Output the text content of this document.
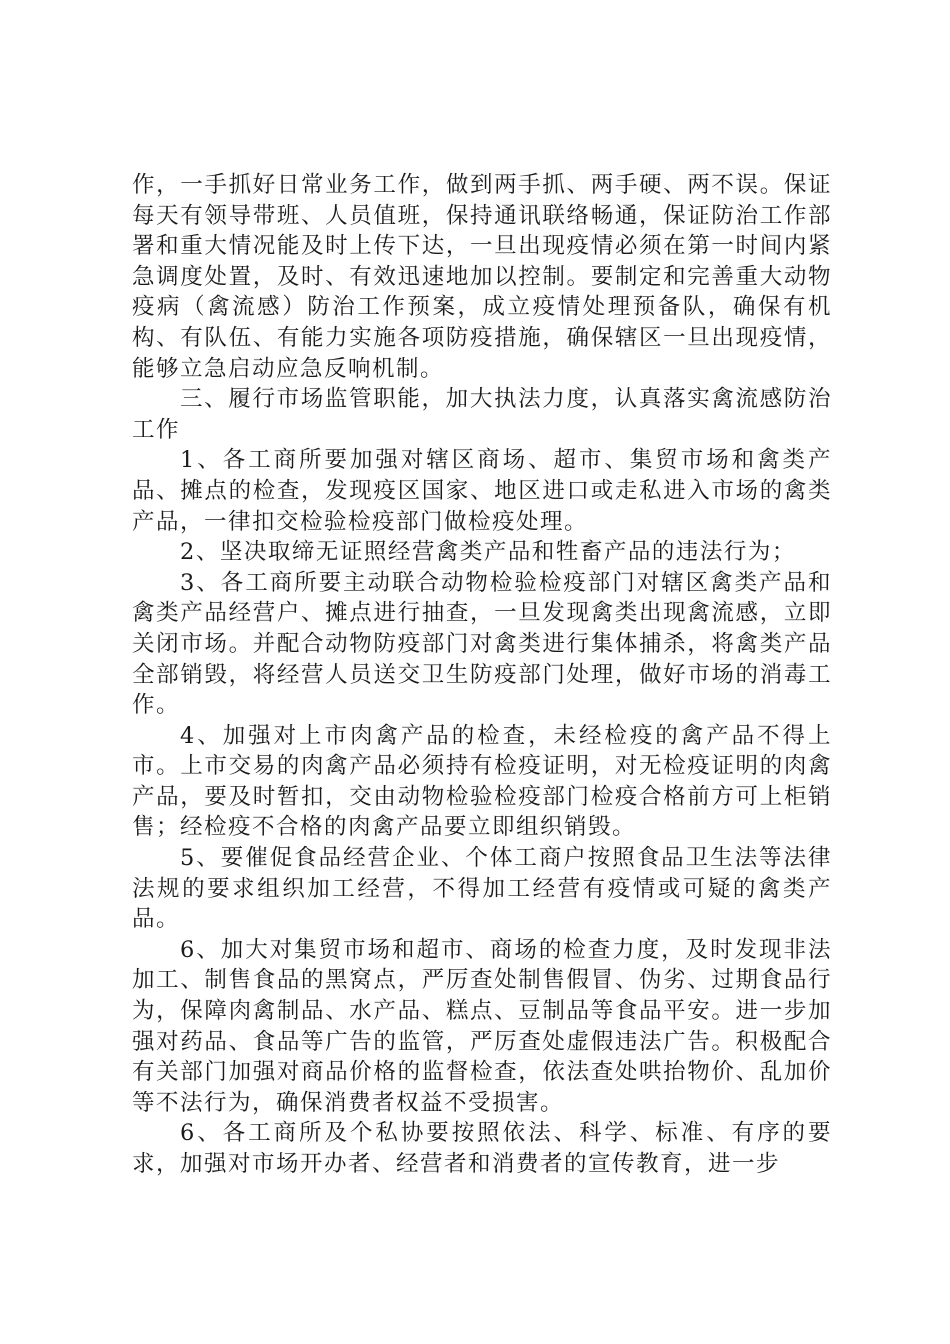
作，一手抓好日常业务工作，做到两手抓、两手硬、两不误。保证每天有领导带班、人员值班，保持通讯联络畅通，保证防治工作部署和重大情况能及时上传下达，一旦出现疫情必须在第一时间内紧急调度处置，及时、有效迅速地加以控制。要制定和完善重大动物疫病（禽流感）防治工作预案，成立疫情处理预备队，确保有机构、有队伍、有能力实施各项防疫措施，确保辖区一旦出现疫情，能够立急启动应急反响机制。

三、履行市场监管职能，加大执法力度，认真落实禽流感防治工作

1、各工商所要加强对辖区商场、超市、集贸市场和禽类产品、摊点的检查，发现疫区国家、地区进口或走私进入市场的禽类产品，一律扣交检验检疫部门做检疫处理。

2、坚决取缔无证照经营禽类产品和牲畜产品的违法行为；

3、各工商所要主动联合动物检验检疫部门对辖区禽类产品和禽类产品经营户、摊点进行抽查，一旦发现禽类出现禽流感，立即关闭市场。并配合动物防疫部门对禽类进行集体捕杀，将禽类产品全部销毁，将经营人员送交卫生防疫部门处理，做好市场的消毒工作。

4、加强对上市肉禽产品的检查，未经检疫的禽产品不得上市。上市交易的肉禽产品必须持有检疫证明，对无检疫证明的肉禽产品，要及时暂扣，交由动物检验检疫部门检疫合格前方可上柜销售；经检疫不合格的肉禽产品要立即组织销毁。

5、要催促食品经营企业、个体工商户按照食品卫生法等法律法规的要求组织加工经营，不得加工经营有疫情或可疑的禽类产品。

6、加大对集贸市场和超市、商场的检查力度，及时发现非法加工、制售食品的黑窝点，严厉查处制售假冒、伪劣、过期食品行为，保障肉禽制品、水产品、糕点、豆制品等食品平安。进一步加强对药品、食品等广告的监管，严厉查处虚假违法广告。积极配合有关部门加强对商品价格的监督检查，依法查处哄抬物价、乱加价等不法行为，确保消费者权益不受损害。

6、各工商所及个私协要按照依法、科学、标准、有序的要求，加强对市场开办者、经营者和消费者的宣传教育，进一步
